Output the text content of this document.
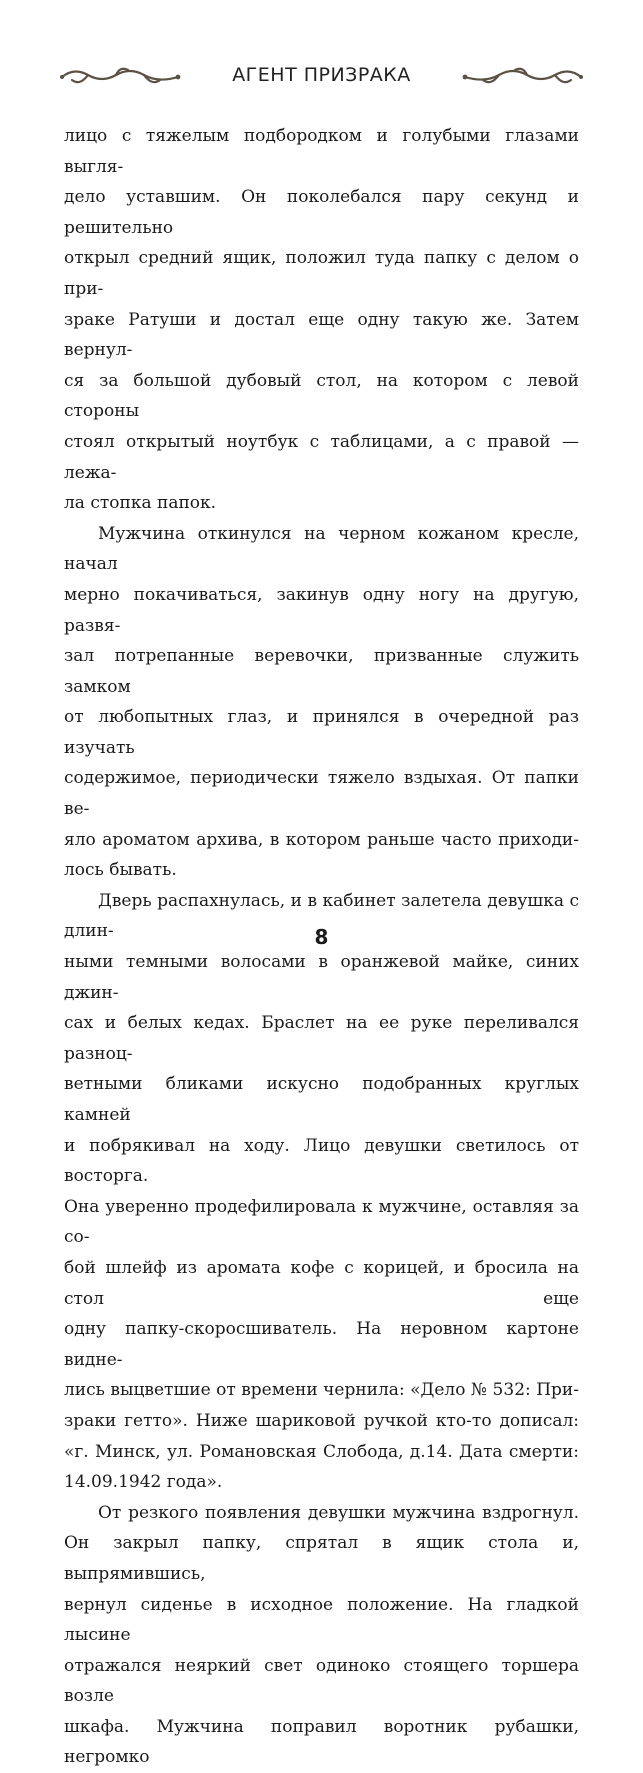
АГЕНТ ПРИЗРАКА

лицо с тяжелым подбородком и голубыми глазами выгля-

дело уставшим. Он поколебался пару секунд и решительно

открыл средний ящик, положил туда папку с делом о при-

зраке Ратуши и достал еще одну такую же. Затем вернул-

ся за большой дубовый стол, на котором с левой стороны

стоял открытый ноутбук с таблицами, а с правой — лежа-

ла стопка папок.

Мужчина откинулся на черном кожаном кресле, начал

мерно покачиваться, закинув одну ногу на другую, развя-

зал потрепанные веревочки, призванные служить замком

от любопытных глаз, и принялся в очередной раз изучать

содержимое, периодически тяжело вздыхая. От папки ве-

яло ароматом архива, в котором раньше часто приходи-

лось бывать.

Дверь распахнулась, и в кабинет залетела девушка с длин-

ными темными волосами в оранжевой майке, синих джин-

сах и белых кедах. Браслет на ее руке переливался разноц-

ветными бликами искусно подобранных круглых камней

и побрякивал на ходу. Лицо девушки светилось от восторга.

Она уверенно продефилировала к мужчине, оставляя за со-

бой шлейф из аромата кофе с корицей, и бросила на стол еще

одну папку-скоросшиватель. На неровном картоне видне-

лись выцветшие от времени чернила: «Дело № 532: При-

зраки гетто». Ниже шариковой ручкой кто-то дописал:

«г. Минск, ул. Романовская Слобода, д.14. Дата смерти:

14.09.1942 года».

От резкого появления девушки мужчина вздрогнул.

Он закрыл папку, спрятал в ящик стола и, выпрямившись,

вернул сиденье в исходное положение. На гладкой лысине

отражался неяркий свет одиноко стоящего торшера возле

шкафа. Мужчина поправил воротник рубашки, негромко

8
